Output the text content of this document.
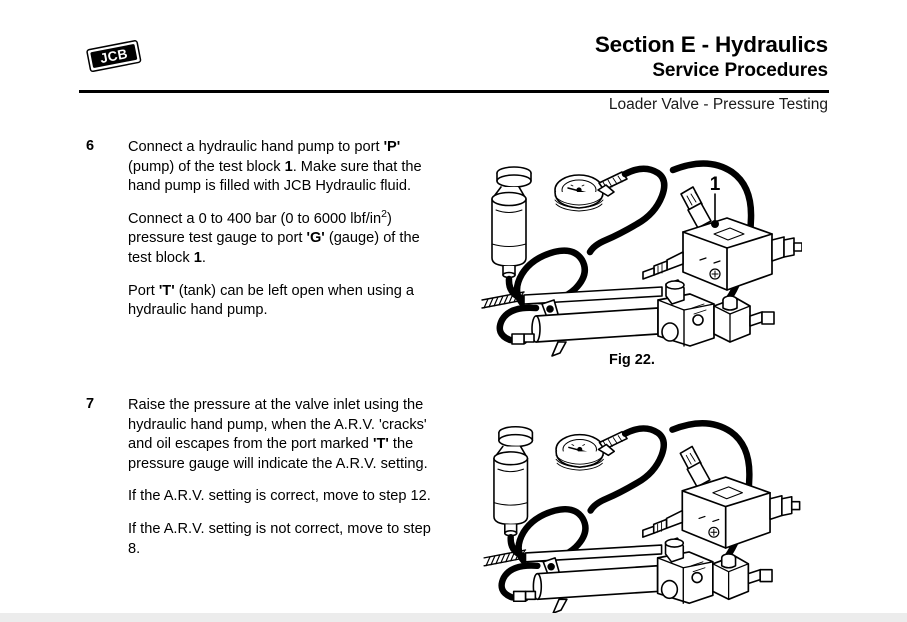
JCB	Section E - Hydraulics
Service Procedures
Loader Valve - Pressure Testing
6	Connect a hydraulic hand pump to port 'P' (pump) of the test block 1. Make sure that the hand pump is filled with JCB Hydraulic fluid.

Connect a 0 to 400 bar (0 to 6000 lbf/$in^2$) pressure test gauge to port 'G' (gauge) of the test block 1.

Port 'T' (tank) can be left open when using a hydraulic hand pump.

7	Raise the pressure at the valve inlet using the hydraulic hand pump, when the A.R.V. 'cracks' and oil escapes from the port marked 'T' the pressure gauge will indicate the A.R.V. setting.

If the A.R.V. setting is correct, move to step 12.

If the A.R.V. setting is not correct, move to step 8.

1
Fig 22.
